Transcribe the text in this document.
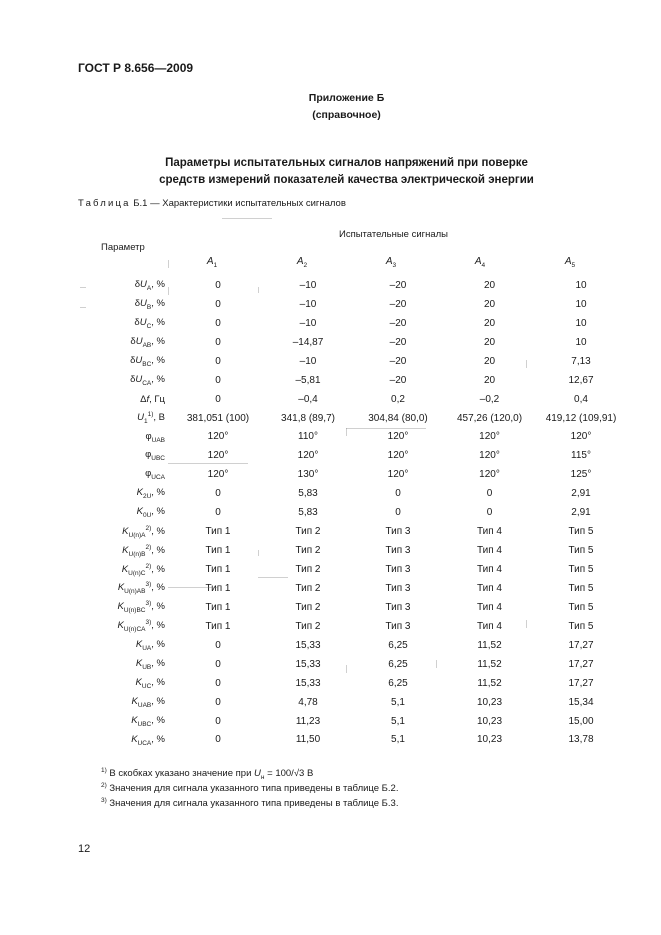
ГОСТ Р 8.656—2009
Приложение Б
(справочное)
Параметры испытательных сигналов напряжений при поверке
средств измерений показателей качества электрической энергии
Таблица Б.1 — Характеристики испытательных сигналов
Испытательные сигналы
Параметр
$A_1$	$A_2$	$A_3$	$A_4$	$A_5$
$\delta U_A$, %	0	–10	–20	20	10
$\delta U_B$, %	0	–10	–20	20	10
$\delta U_C$, %	0	–10	–20	20	10
$\delta U_{AB}$, %	0	–14,87	–20	20	10
$\delta U_{BC}$, %	0	–10	–20	20	7,13
$\delta U_{CA}$, %	0	–5,81	–20	20	12,67
Δf, Гц	0	–0,4	0,2	–0,2	0,4
$U_1^{1)}$, В	381,051 (100)	341,8 (89,7)	304,84 (80,0)	457,26 (120,0)	419,12 (109,91)
$\varphi_{UAB}$	120°	110°	120°	120°	120°
$\varphi_{UBC}$	120°	120°	120°	120°	115°
$\varphi_{UCA}$	120°	130°	120°	120°	125°
$K_{2U}$, %	0	5,83	0	0	2,91
$K_{0U}$, %	0	5,83	0	0	2,91
$K_{U(n)A}^{2)}$, %	Тип 1	Тип 2	Тип 3	Тип 4	Тип 5
$K_{U(n)B}^{2)}$, %	Тип 1	Тип 2	Тип 3	Тип 4	Тип 5
$K_{U(n)C}^{2)}$, %	Тип 1	Тип 2	Тип 3	Тип 4	Тип 5
$K_{U(n)AB}^{3)}$, %	Тип 1	Тип 2	Тип 3	Тип 4	Тип 5
$K_{U(n)BC}^{3)}$, %	Тип 1	Тип 2	Тип 3	Тип 4	Тип 5
$K_{U(n)CA}^{3)}$, %	Тип 1	Тип 2	Тип 3	Тип 4	Тип 5
$K_{UA}$, %	0	15,33	6,25	11,52	17,27
$K_{UB}$, %	0	15,33	6,25	11,52	17,27
$K_{UC}$, %	0	15,33	6,25	11,52	17,27
$K_{UAB}$, %	0	4,78	5,1	10,23	15,34
$K_{UBC}$, %	0	11,23	5,1	10,23	15,00
$K_{UCA}$, %	0	11,50	5,1	10,23	13,78
$^{1)}$ В скобках указано значение при $U_н = 100/√3$ В
$^{2)}$ Значения для сигнала указанного типа приведены в таблице Б.2.
$^{3)}$ Значения для сигнала указанного типа приведены в таблице Б.3.
12
